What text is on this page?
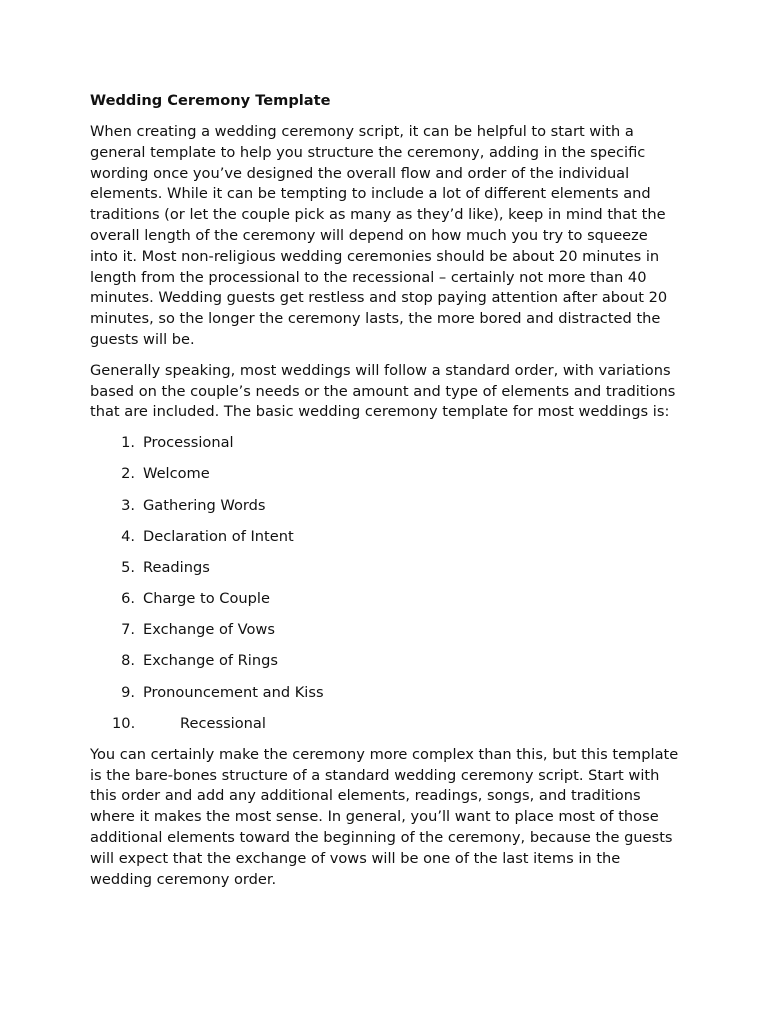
Wedding Ceremony Template
When creating a wedding ceremony script, it can be helpful to start with a general template to help you structure the ceremony, adding in the specific wording once you’ve designed the overall flow and order of the individual elements. While it can be tempting to include a lot of different elements and traditions (or let the couple pick as many as they’d like), keep in mind that the overall length of the ceremony will depend on how much you try to squeeze into it. Most non-religious wedding ceremonies should be about 20 minutes in length from the processional to the recessional – certainly not more than 40 minutes. Wedding guests get restless and stop paying attention after about 20 minutes, so the longer the ceremony lasts, the more bored and distracted the guests will be.
Generally speaking, most weddings will follow a standard order, with variations based on the couple’s needs or the amount and type of elements and traditions that are included. The basic wedding ceremony template for most weddings is:
1. Processional
2. Welcome
3. Gathering Words
4. Declaration of Intent
5. Readings
6. Charge to Couple
7. Exchange of Vows
8. Exchange of Rings
9. Pronouncement and Kiss
10.	Recessional
You can certainly make the ceremony more complex than this, but this template is the bare-bones structure of a standard wedding ceremony script. Start with this order and add any additional elements, readings, songs, and traditions where it makes the most sense. In general, you’ll want to place most of those additional elements toward the beginning of the ceremony, because the guests will expect that the exchange of vows will be one of the last items in the wedding ceremony order.
